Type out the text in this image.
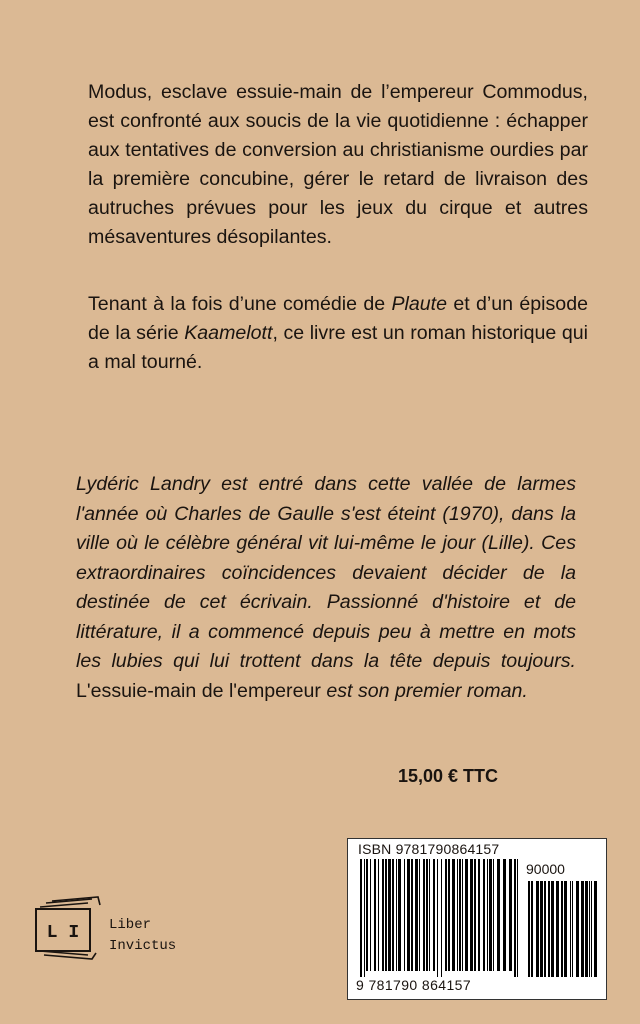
Modus, esclave essuie-main de l’empereur Commodus, est confronté aux soucis de la vie quotidienne : échapper aux tentatives de conversion au christianisme ourdies par la première concubine, gérer le retard de livraison des autruches prévues pour les jeux du cirque et autres mésaventures désopilantes.

Tenant à la fois d’une comédie de Plaute et d’un épisode de la série Kaamelott, ce livre est un roman historique qui a mal tourné.

Lydéric Landry est entré dans cette vallée de larmes l'année où Charles de Gaulle s'est éteint (1970), dans la ville où le célèbre général vit lui-même le jour (Lille). Ces extraordinaires coïncidences devaient décider de la destinée de cet écrivain. Passionné d'histoire et de littérature, il a commencé depuis peu à mettre en mots les lubies qui lui trottent dans la tête depuis toujours. L'essuie-main de l'empereur est son premier roman.

15,00 € TTC
ISBN 9781790864157
90000
9 781790 864157
L I Liber
Invictus
